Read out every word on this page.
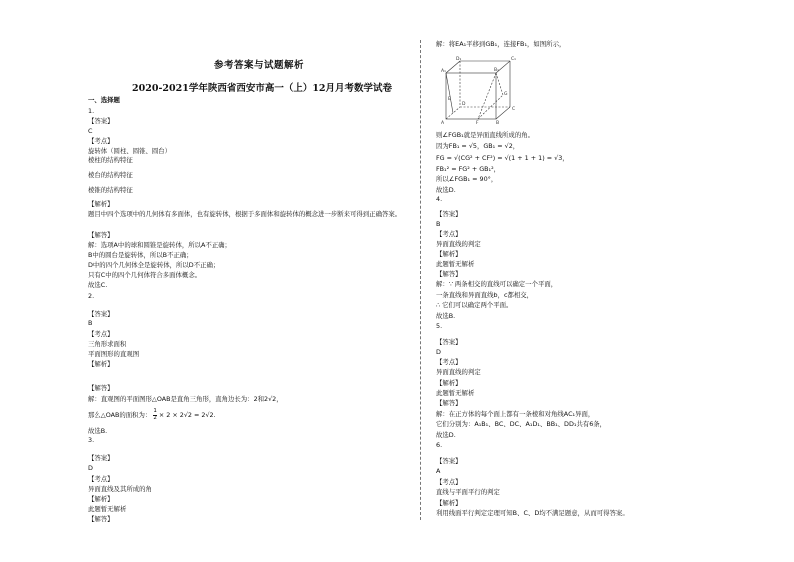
参考答案与试题解析
2020-2021学年陕西省西安市高一（上）12月月考数学试卷
一、选择题
1.
【答案】
C
【考点】
旋转体（圆柱、圆锥、圆台）
棱柱的结构特征
棱台的结构特征
棱锥的结构特征
【解析】
题目中四个选项中的几何体有多面体，也有旋转体，根据于多面体和旋转体的概念进一步断来可得到正确答案。
【解答】
解：选项A中的球和圆锥是旋转体，所以A不正确；
B中的圆台是旋转体，所以B不正确；
D中的四个几何体全是旋转体，所以D不正确；
只有C中的四个几何体符合多面体概念。
故选C.
2.
【答案】
B
【考点】
三角形求面积
平面图形的直观图
【解析】
【解答】
解：直观图的平面图形△OAB是直角三角形，直角边长为：2和2√2，
那么△OAB的面积为： $\frac{1}{2} \times 2 \times 2√2 = 2√2$.
故选B.
3.
【答案】
D
【考点】
异面直线及其所成的角
【解析】
此题暂无解析
【解答】
解：将EA₁平移到GB₁，连接FB₁，如图所示，
A₁	B₁
C₁
D₁
A	B
C
D
E
F
G
则∠FGB₁就是异面直线所成的角。
因为FB₁ = √5，GB₁ = √2，
FG = √(CG² + CF²) = √(1 + 1 + 1) = √3，
FB₁² = FG² + GB₁²，
所以∠FGB₁ = 90°，
故选D.
4.
【答案】
B
【考点】
异面直线的判定
【解析】
此题暂无解析
【解答】
解：∵ 两条相交的直线可以确定一个平面，
一条直线和异面直线b，c都相交，
∴ 它们可以确定两个平面。
故选B.
5.
【答案】
D
【考点】
异面直线的判定
【解析】
此题暂无解析
【解答】
解：在正方体的每个面上都有一条棱和对角线AC₁异面，
它们分别为：A₁B₁、BC、DC、A₁D₁、BB₁、DD₁共有6条，
故选D.
6.
【答案】
A
【考点】
直线与平面平行的判定
【解析】
利用线面平行判定定理可知B、C、D均不满足题意，从而可得答案。
